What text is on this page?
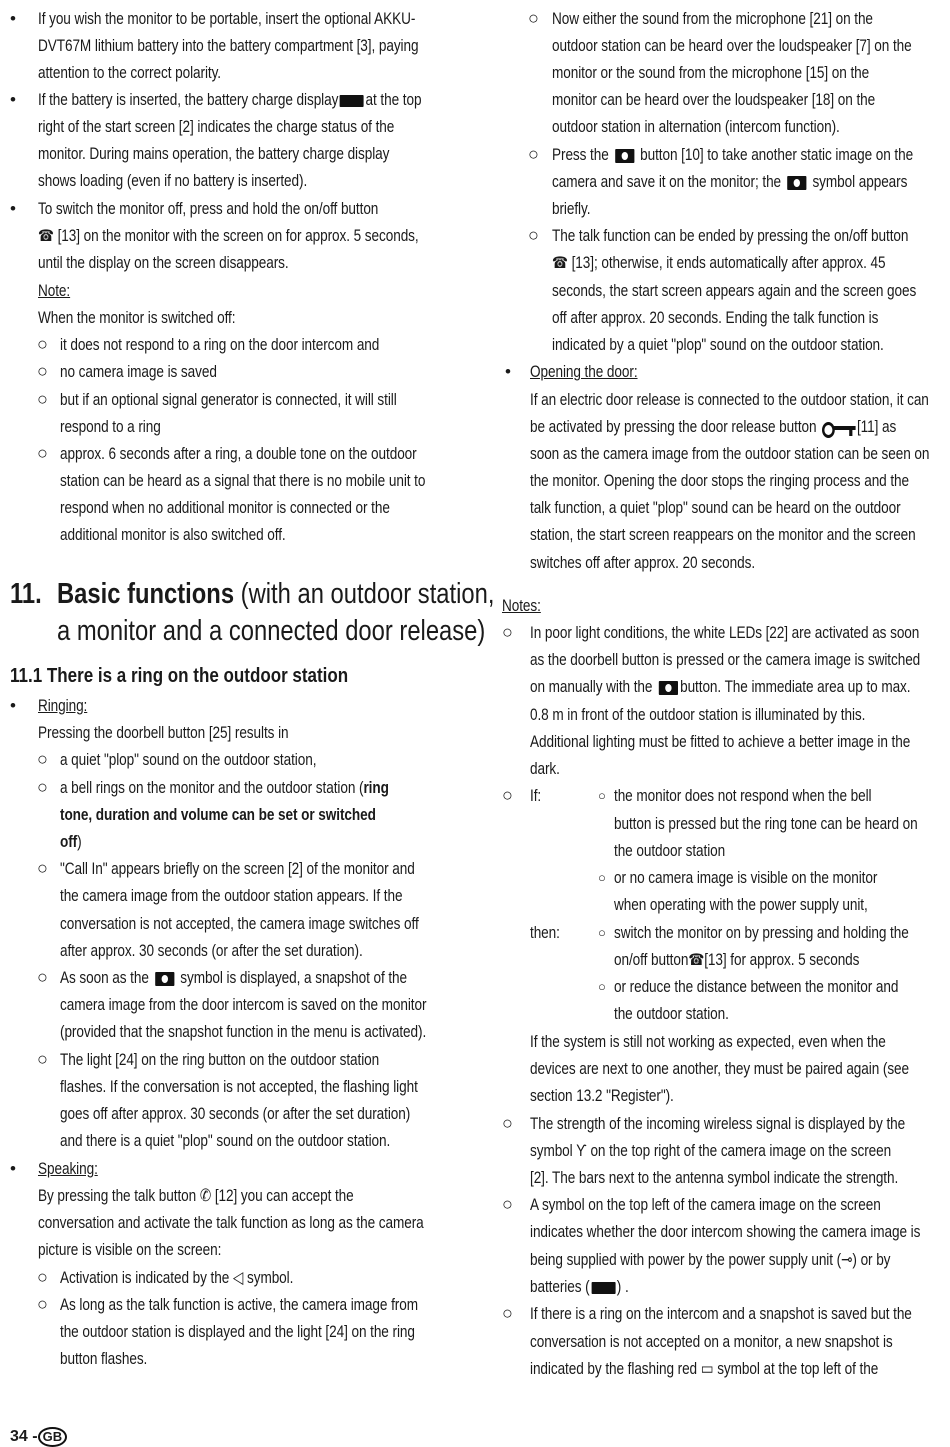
• If you wish the monitor to be portable, insert the optional AKKU-
DVT67M lithium battery into the battery compartment [3], paying
attention to the correct polarity.
• If the battery is inserted, the battery charge display at the top
right of the start screen [2] indicates the charge status of the
monitor. During mains operation, the battery charge display
shows loading (even if no battery is inserted).
• To switch the monitor off, press and hold the on/off button
☎ [13] on the monitor with the screen on for approx. 5 seconds,
until the display on the screen disappears.
Note:
When the monitor is switched off:
○ it does not respond to a ring on the door intercom and
○ no camera image is saved
○ but if an optional signal generator is connected, it will still
respond to a ring
○ approx. 6 seconds after a ring, a double tone on the outdoor
station can be heard as a signal that there is no mobile unit to
respond when no additional monitor is connected or the
additional monitor is also switched off.
11. Basic functions (with an outdoor station,
a monitor and a connected door release)
11.1 There is a ring on the outdoor station
• Ringing:
Pressing the doorbell button [25] results in
○ a quiet "plop" sound on the outdoor station,
○ a bell rings on the monitor and the outdoor station (ring
tone, duration and volume can be set or switched
off)
○ "Call In" appears briefly on the screen [2] of the monitor and
the camera image from the outdoor station appears. If the
conversation is not accepted, the camera image switches off
after approx. 30 seconds (or after the set duration).
○ As soon as the symbol is displayed, a snapshot of the
camera image from the door intercom is saved on the monitor
(provided that the snapshot function in the menu is activated).
○ The light [24] on the ring button on the outdoor station
flashes. If the conversation is not accepted, the flashing light
goes off after approx. 30 seconds (or after the set duration)
and there is a quiet "plop" sound on the outdoor station.
• Speaking:
By pressing the talk button ✆ [12] you can accept the
conversation and activate the talk function as long as the camera
picture is visible on the screen:
○ Activation is indicated by the ◁ symbol.
○ As long as the talk function is active, the camera image from
the outdoor station is displayed and the light [24] on the ring
button flashes.
○ Now either the sound from the microphone [21] on the
outdoor station can be heard over the loudspeaker [7] on the
monitor or the sound from the microphone [15] on the
monitor can be heard over the loudspeaker [18] on the
outdoor station in alternation (intercom function).
○ Press the button [10] to take another static image on the
camera and save it on the monitor; the symbol appears
briefly.
○ The talk function can be ended by pressing the on/off button
☎ [13]; otherwise, it ends automatically after approx. 45
seconds, the start screen appears again and the screen goes
off after approx. 20 seconds. Ending the talk function is
indicated by a quiet "plop" sound on the outdoor station.
• Opening the door:
If an electric door release is connected to the outdoor station, it can
be activated by pressing the door release button [11] as
soon as the camera image from the outdoor station can be seen on
the monitor. Opening the door stops the ringing process and the
talk function, a quiet "plop" sound can be heard on the outdoor
station, the start screen reappears on the monitor and the screen
switches off after approx. 20 seconds.
Notes:
○ In poor light conditions, the white LEDs [22] are activated as soon
as the doorbell button is pressed or the camera image is switched
on manually with the button. The immediate area up to max.
0.8 m in front of the outdoor station is illuminated by this.
Additional lighting must be fitted to achieve a better image in the
dark.
○ If:	○ the monitor does not respond when the bell
button is pressed but the ring tone can be heard on
the outdoor station
○ or no camera image is visible on the monitor
when operating with the power supply unit,
then:	○ switch the monitor on by pressing and holding the
on/off button☎[13] for approx. 5 seconds
○ or reduce the distance between the monitor and
the outdoor station.
If the system is still not working as expected, even when the
devices are next to one another, they must be paired again (see
section 13.2 "Register").
○ The strength of the incoming wireless signal is displayed by the
symbol Ƴ on the top right of the camera image on the screen
[2]. The bars next to the antenna symbol indicate the strength.
○ A symbol on the top left of the camera image on the screen
indicates whether the door intercom showing the camera image is
being supplied with power by the power supply unit (⊸) or by
batteries ( ) .
○ If there is a ring on the intercom and a snapshot is saved but the
conversation is not accepted on a monitor, a new snapshot is
indicated by the flashing red ▭ symbol at the top left of the
34 - GB
